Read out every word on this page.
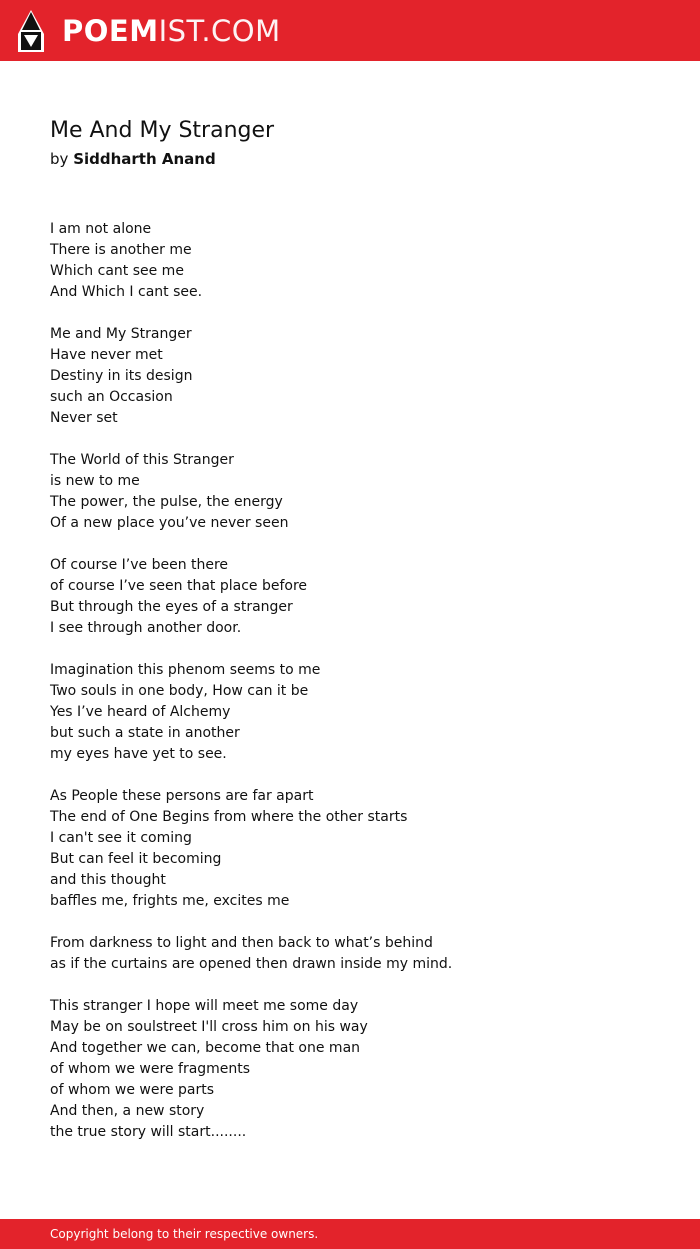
POEMIST.COM
Me And My Stranger
by Siddharth Anand
I am not alone
There is another me
Which cant see me
And Which I cant see.
Me and My Stranger
Have never met
Destiny in its design
such an Occasion
Never set
The World of this Stranger
is new to me
The power, the pulse, the energy
Of a new place you’ve never seen
Of course I’ve been there
of course I’ve seen that place before
But through the eyes of a stranger
I see through another door.
Imagination this phenom seems to me
Two souls in one body, How can it be
Yes I’ve heard of Alchemy
but such a state in another
my eyes have yet to see.
As People these persons are far apart
The end of One Begins from where the other starts
I can't see it coming
But can feel it becoming
and this thought
baffles me, frights me, excites me
From darkness to light and then back to what’s behind
as if the curtains are opened then drawn inside my mind.
This stranger I hope will meet me some day
May be on soulstreet I'll cross him on his way
And together we can, become that one man
of whom we were fragments
of whom we were parts
And then, a new story
the true story will start........
Copyright belong to their respective owners.
